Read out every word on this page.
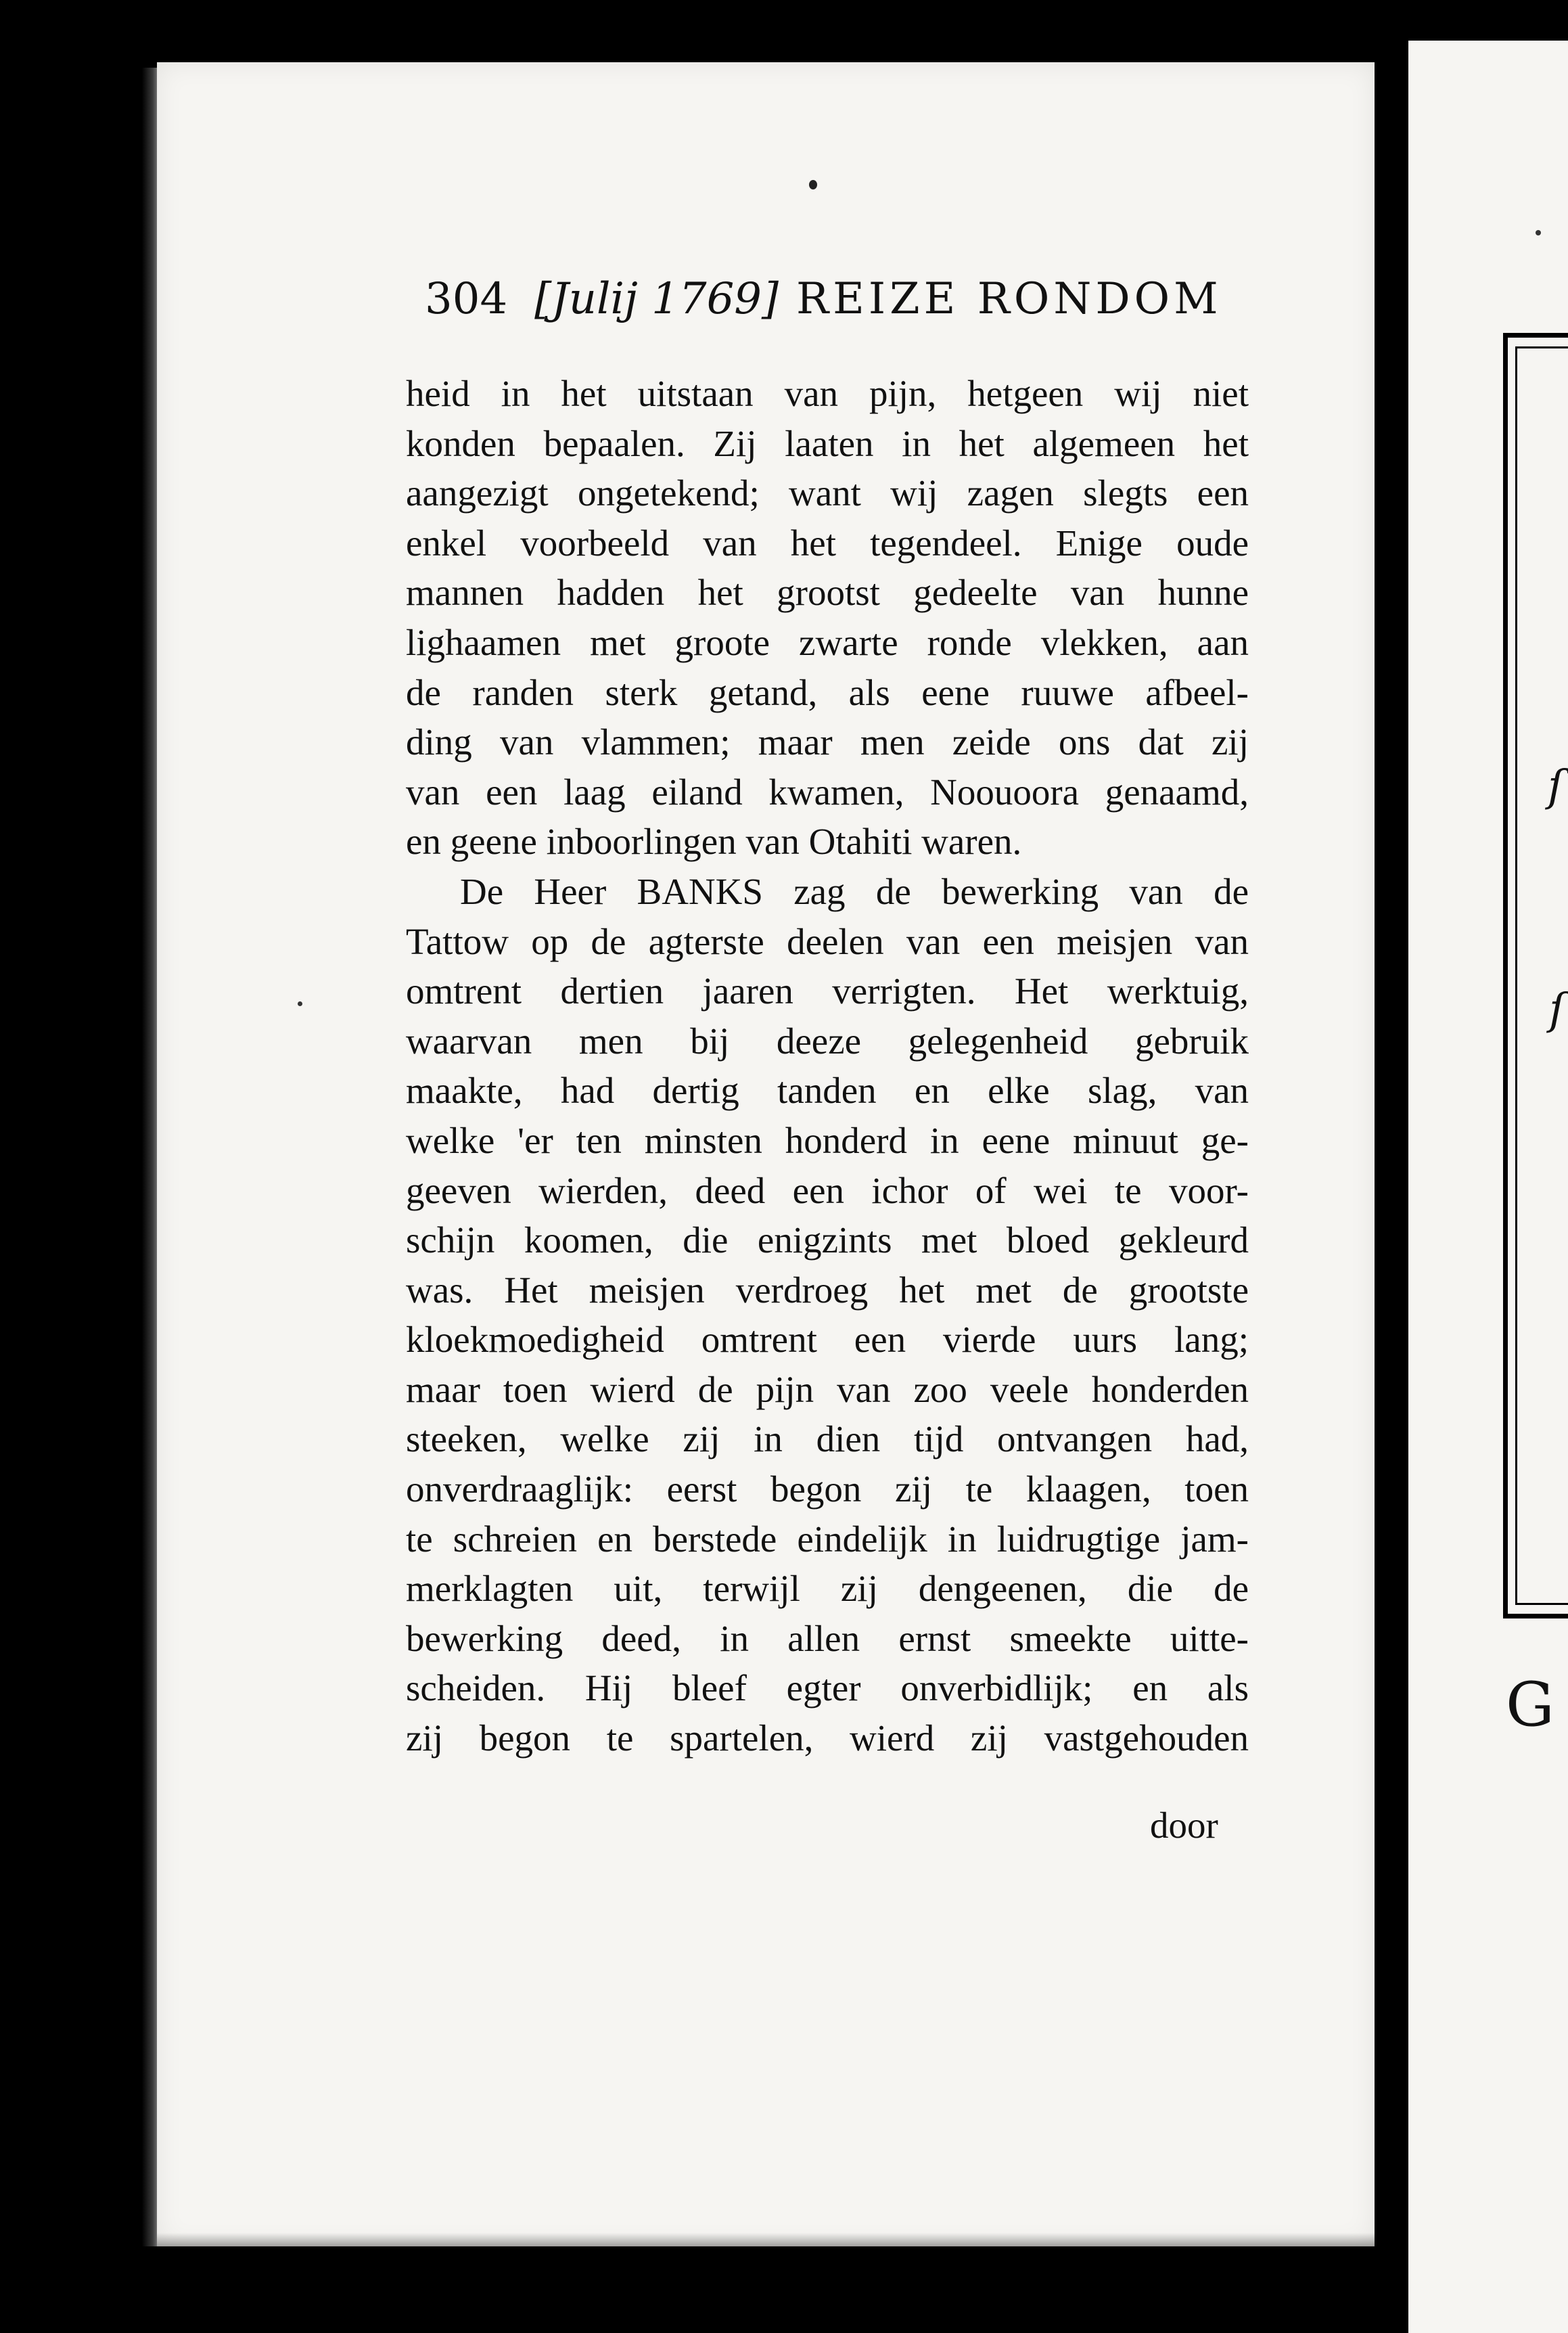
G
ſ
ſ
304 [Julij 1769] REIZE RONDOM
heid in het uitstaan van pijn, hetgeen wij niet
konden bepaalen. Zij laaten in het algemeen het
aangezigt ongetekend; want wij zagen slegts een
enkel voorbeeld van het tegendeel. Enige oude
mannen hadden het grootst gedeelte van hunne
lighaamen met groote zwarte ronde vlekken, aan
de randen sterk getand, als eene ruuwe afbeel-
ding van vlammen; maar men zeide ons dat zij
van een laag eiland kwamen, Noouoora genaamd,
en geene inboorlingen van Otahiti waren.
De Heer BANKS zag de bewerking van de
Tattow op de agterste deelen van een meisjen van
omtrent dertien jaaren verrigten. Het werktuig,
waarvan men bij deeze gelegenheid gebruik
maakte, had dertig tanden en elke slag, van
welke 'er ten minsten honderd in eene minuut ge-
geeven wierden, deed een ichor of wei te voor-
schijn koomen, die enigzints met bloed gekleurd
was. Het meisjen verdroeg het met de grootste
kloekmoedigheid omtrent een vierde uurs lang;
maar toen wierd de pijn van zoo veele honderden
steeken, welke zij in dien tijd ontvangen had,
onverdraaglijk: eerst begon zij te klaagen, toen
te schreien en berstede eindelijk in luidrugtige jam-
merklagten uit, terwijl zij dengeenen, die de
bewerking deed, in allen ernst smeekte uitte-
scheiden. Hij bleef egter onverbidlijk; en als
zij begon te spartelen, wierd zij vastgehouden
door
